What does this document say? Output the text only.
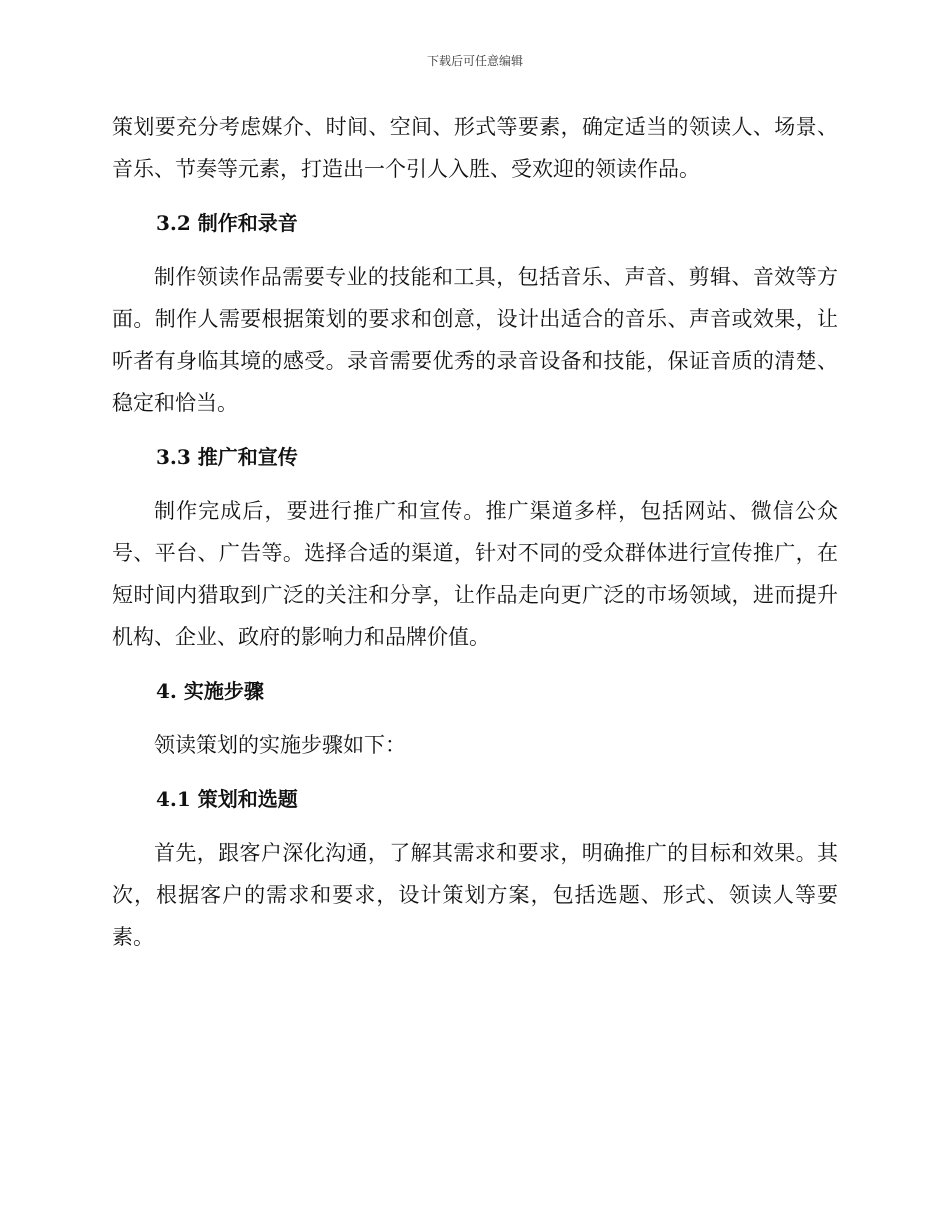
下载后可任意编辑

策划要充分考虑媒介、时间、空间、形式等要素，确定适当的领读人、场景、音乐、节奏等元素，打造出一个引人入胜、受欢迎的领读作品。

3.2 制作和录音

制作领读作品需要专业的技能和工具，包括音乐、声音、剪辑、音效等方面。制作人需要根据策划的要求和创意，设计出适合的音乐、声音或效果，让听者有身临其境的感受。录音需要优秀的录音设备和技能，保证音质的清楚、稳定和恰当。

3.3 推广和宣传

制作完成后，要进行推广和宣传。推广渠道多样，包括网站、微信公众号、平台、广告等。选择合适的渠道，针对不同的受众群体进行宣传推广，在短时间内猎取到广泛的关注和分享，让作品走向更广泛的市场领域，进而提升机构、企业、政府的影响力和品牌价值。

4. 实施步骤

领读策划的实施步骤如下：

4.1 策划和选题

首先，跟客户深化沟通，了解其需求和要求，明确推广的目标和效果。其次，根据客户的需求和要求，设计策划方案，包括选题、形式、领读人等要素。
